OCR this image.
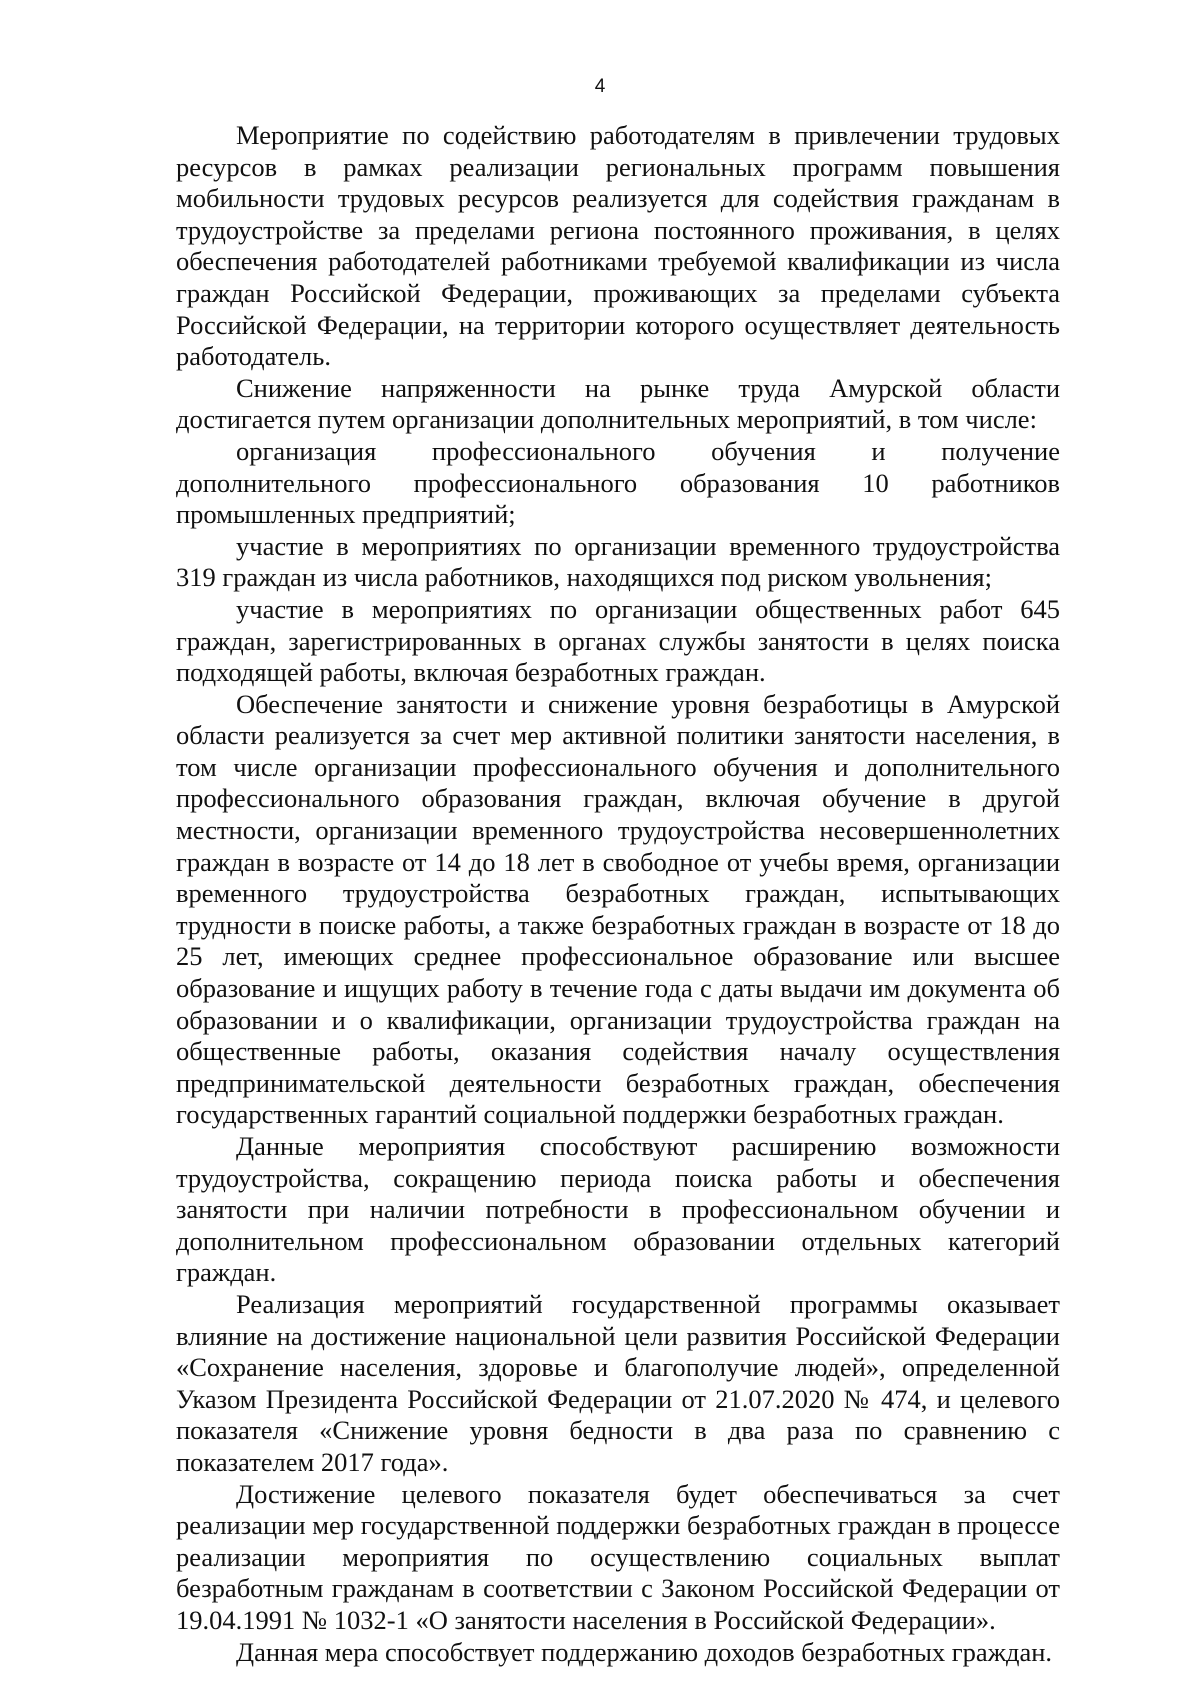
4

Мероприятие по содействию работодателям в привлечении трудовых ресурсов в рамках реализации региональных программ повышения мобильности трудовых ресурсов реализуется для содействия гражданам в трудоустройстве за пределами региона постоянного проживания, в целях обеспечения работодателей работниками требуемой квалификации из числа граждан Российской Федерации, проживающих за пределами субъекта Российской Федерации, на территории которого осуществляет деятельность работодатель.

Снижение напряженности на рынке труда Амурской области достигается путем организации дополнительных мероприятий, в том числе:

организация профессионального обучения и получение дополнительного профессионального образования 10 работников промышленных предприятий;

участие в мероприятиях по организации временного трудоустройства 319 граждан из числа работников, находящихся под риском увольнения;

участие в мероприятиях по организации общественных работ 645 граждан, зарегистрированных в органах службы занятости в целях поиска подходящей работы, включая безработных граждан.

Обеспечение занятости и снижение уровня безработицы в Амурской области реализуется за счет мер активной политики занятости населения, в том числе организации профессионального обучения и дополнительного профессионального образования граждан, включая обучение в другой местности, организации временного трудоустройства несовершеннолетних граждан в возрасте от 14 до 18 лет в свободное от учебы время, организации временного трудоустройства безработных граждан, испытывающих трудности в поиске работы, а также безработных граждан в возрасте от 18 до 25 лет, имеющих среднее профессиональное образование или высшее образование и ищущих работу в течение года с даты выдачи им документа об образовании и о квалификации, организации трудоустройства граждан на общественные работы, оказания содействия началу осуществления предпринимательской деятельности безработных граждан, обеспечения государственных гарантий социальной поддержки безработных граждан.

Данные мероприятия способствуют расширению возможности трудоустройства, сокращению периода поиска работы и обеспечения занятости при наличии потребности в профессиональном обучении и дополнительном профессиональном образовании отдельных категорий граждан.

Реализация мероприятий государственной программы оказывает влияние на достижение национальной цели развития Российской Федерации «Сохранение населения, здоровье и благополучие людей», определенной Указом Президента Российской Федерации от 21.07.2020 № 474, и целевого показателя «Снижение уровня бедности в два раза по сравнению с показателем 2017 года».

Достижение целевого показателя будет обеспечиваться за счет реализации мер государственной поддержки безработных граждан в процессе реализации мероприятия по осуществлению социальных выплат безработным гражданам в соответствии с Законом Российской Федерации от 19.04.1991 № 1032-1 «О занятости населения в Российской Федерации».

Данная мера способствует поддержанию доходов безработных граждан.
